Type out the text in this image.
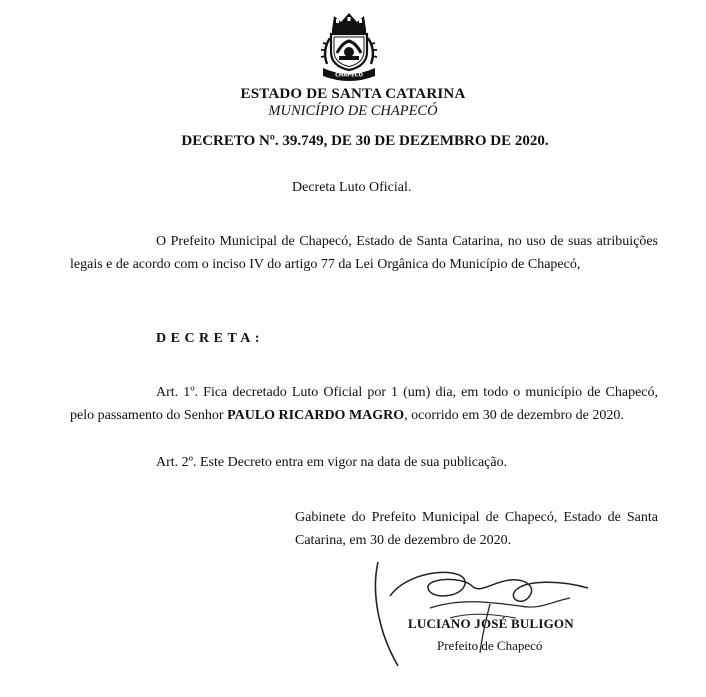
CHAPECÓ
ESTADO DE SANTA CATARINA
MUNICÍPIO DE CHAPECÓ
DECRETO Nº. 39.749, DE 30 DE DEZEMBRO DE 2020.
Decreta Luto Oficial.
O Prefeito Municipal de Chapecó, Estado de Santa Catarina, no uso de suas atribuições legais e de acordo com o inciso IV do artigo 77 da Lei Orgânica do Município de Chapecó,
DECRETA:
Art. 1º. Fica decretado Luto Oficial por 1 (um) dia, em todo o município de Chapecó, pelo passamento do Senhor PAULO RICARDO MAGRO, ocorrido em 30 de dezembro de 2020.
Art. 2º. Este Decreto entra em vigor na data de sua publicação.
Gabinete do Prefeito Municipal de Chapecó, Estado de Santa Catarina, em 30 de dezembro de 2020.
LUCIANO JOSÉ BULIGON
Prefeito de Chapecó
